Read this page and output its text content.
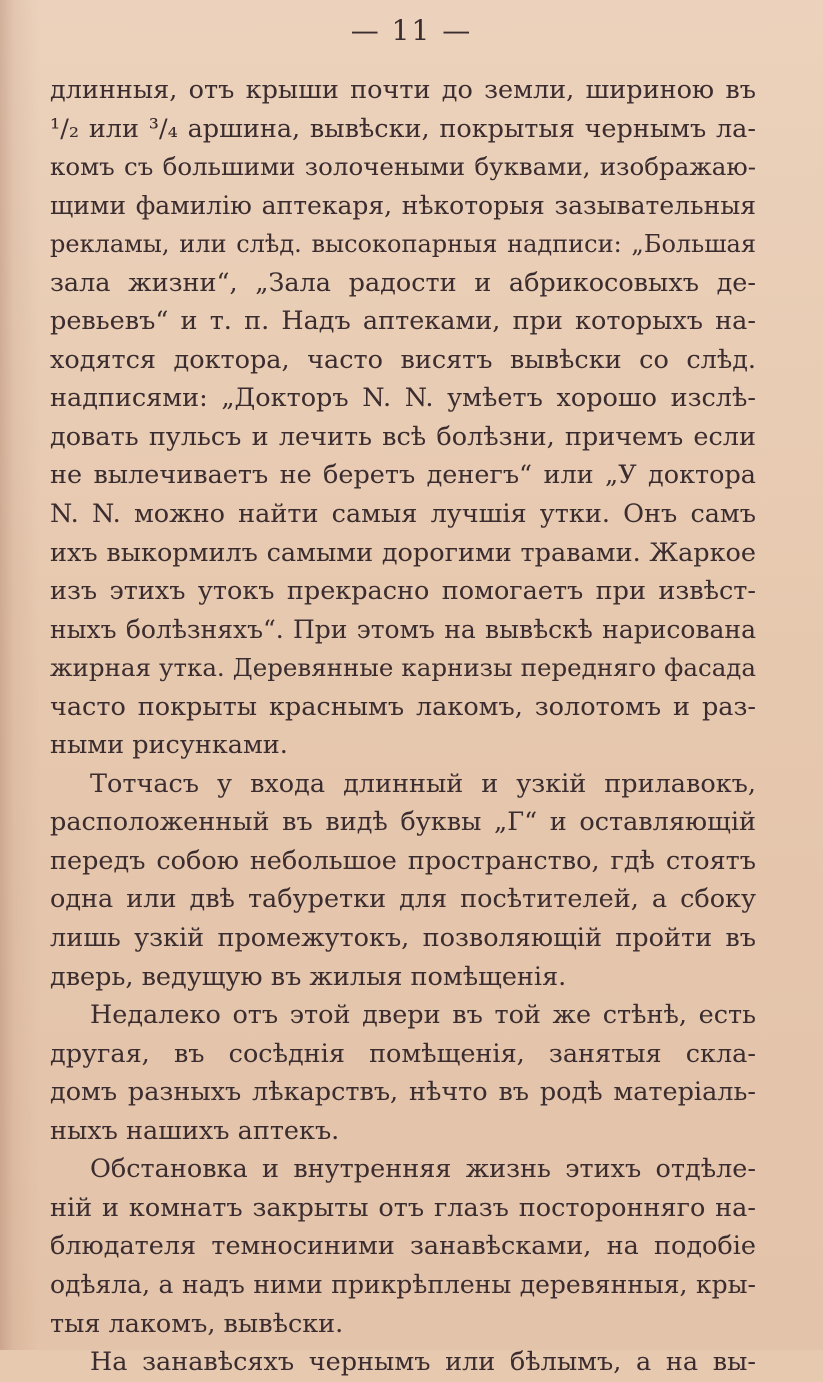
— 11 —
длинныя, отъ крыши почти до земли, шириною въ
¹/₂ или ³/₄ аршина, вывѣски, покрытыя чернымъ ла-
комъ съ большими золочеными буквами, изображаю-
щими фамилію аптекаря, нѣкоторыя зазывательныя
рекламы, или слѣд. высокопарныя надписи: „Большая
зала жизни“, „Зала радости и абрикосовыхъ де-
ревьевъ“ и т. п. Надъ аптеками, при которыхъ на-
ходятся доктора, часто висятъ вывѣски со слѣд.
надписями: „Докторъ N. N. умѣетъ хорошо изслѣ-
довать пульсъ и лечить всѣ болѣзни, причемъ если
не вылечиваетъ не беретъ денегъ“ или „У доктора
N. N. можно найти самыя лучшія утки. Онъ самъ
ихъ выкормилъ самыми дорогими травами. Жаркое
изъ этихъ утокъ прекрасно помогаетъ при извѣст-
ныхъ болѣзняхъ“. При этомъ на вывѣскѣ нарисована
жирная утка. Деревянные карнизы передняго фасада
часто покрыты краснымъ лакомъ, золотомъ и раз-
ными рисунками.
Тотчасъ у входа длинный и узкій прилавокъ,
расположенный въ видѣ буквы „Г“ и оставляющій
передъ собою небольшое пространство, гдѣ стоятъ
одна или двѣ табуретки для посѣтителей, а сбоку
лишь узкій промежутокъ, позволяющій пройти въ
дверь, ведущую въ жилыя помѣщенія.
Недалеко отъ этой двери въ той же стѣнѣ, есть
другая, въ сосѣднія помѣщенія, занятыя скла-
домъ разныхъ лѣкарствъ, нѣчто въ родѣ матеріаль-
ныхъ нашихъ аптекъ.
Обстановка и внутренняя жизнь этихъ отдѣле-
ній и комнатъ закрыты отъ глазъ посторонняго на-
блюдателя темносиними занавѣсками, на подобіе
одѣяла, а надъ ними прикрѣплены деревянныя, кры-
тыя лакомъ, вывѣски.
На занавѣсяхъ чернымъ или бѣлымъ, а на вы-
